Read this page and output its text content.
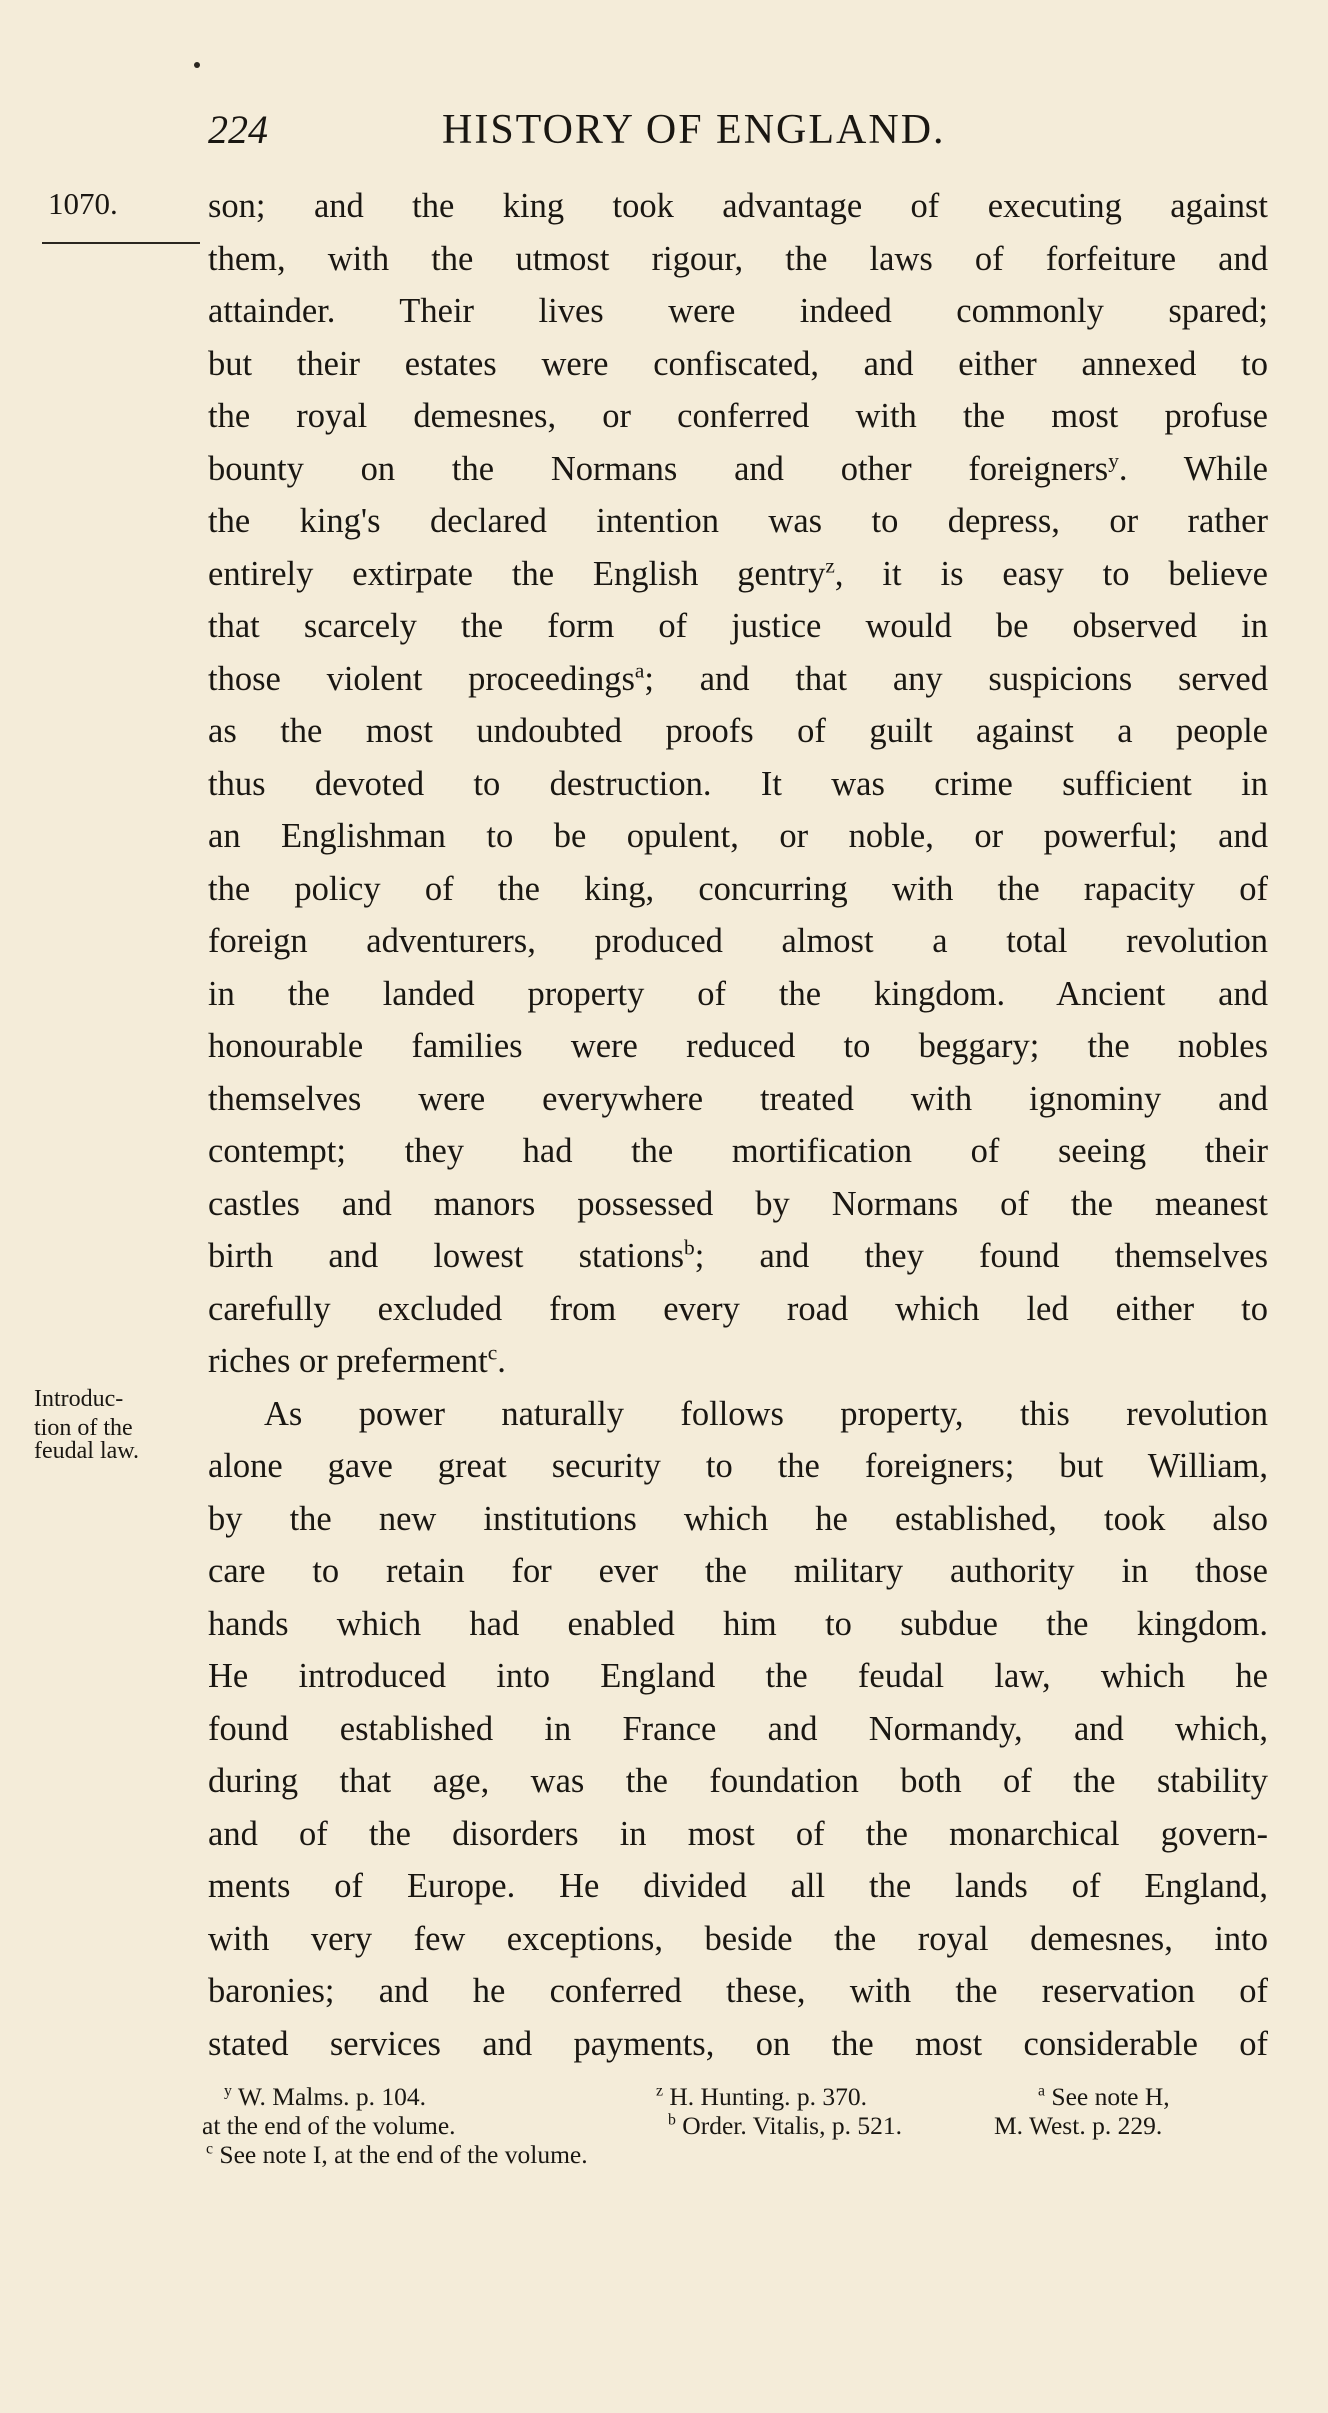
224	HISTORY OF ENGLAND.
1070.	son; and the king took advantage of executing against
them, with the utmost rigour, the laws of forfeiture and
attainder. Their lives were indeed commonly spared;
but their estates were confiscated, and either annexed to
the royal demesnes, or conferred with the most profuse
bounty on the Normans and other foreigners$^y$. While
the king's declared intention was to depress, or rather
entirely extirpate the English gentry$^z$, it is easy to believe
that scarcely the form of justice would be observed in
those violent proceedings$^a$; and that any suspicions served
as the most undoubted proofs of guilt against a people
thus devoted to destruction. It was crime sufficient in
an Englishman to be opulent, or noble, or powerful; and
the policy of the king, concurring with the rapacity of
foreign adventurers, produced almost a total revolution
in the landed property of the kingdom. Ancient and
honourable families were reduced to beggary; the nobles
themselves were everywhere treated with ignominy and
contempt; they had the mortification of seeing their
castles and manors possessed by Normans of the meanest
birth and lowest stations$^b$; and they found themselves
carefully excluded from every road which led either to
riches or preferment$^c$.
As power naturally follows property, this revolution
alone gave great security to the foreigners; but William,
by the new institutions which he established, took also
care to retain for ever the military authority in those
hands which had enabled him to subdue the kingdom.
He introduced into England the feudal law, which he
found established in France and Normandy, and which,
during that age, was the foundation both of the stability
and of the disorders in most of the monarchical govern-
ments of Europe. He divided all the lands of England,
with very few exceptions, beside the royal demesnes, into
baronies; and he conferred these, with the reservation of
stated services and payments, on the most considerable of
Introduc-
tion of the
feudal law.
$^y$ W. Malms. p. 104.	$^z$ H. Hunting. p. 370.	$^a$ See note H,
at the end of the volume.	$^b$ Order. Vitalis, p. 521.	M. West. p. 229.
$^c$ See note I, at the end of the volume.
